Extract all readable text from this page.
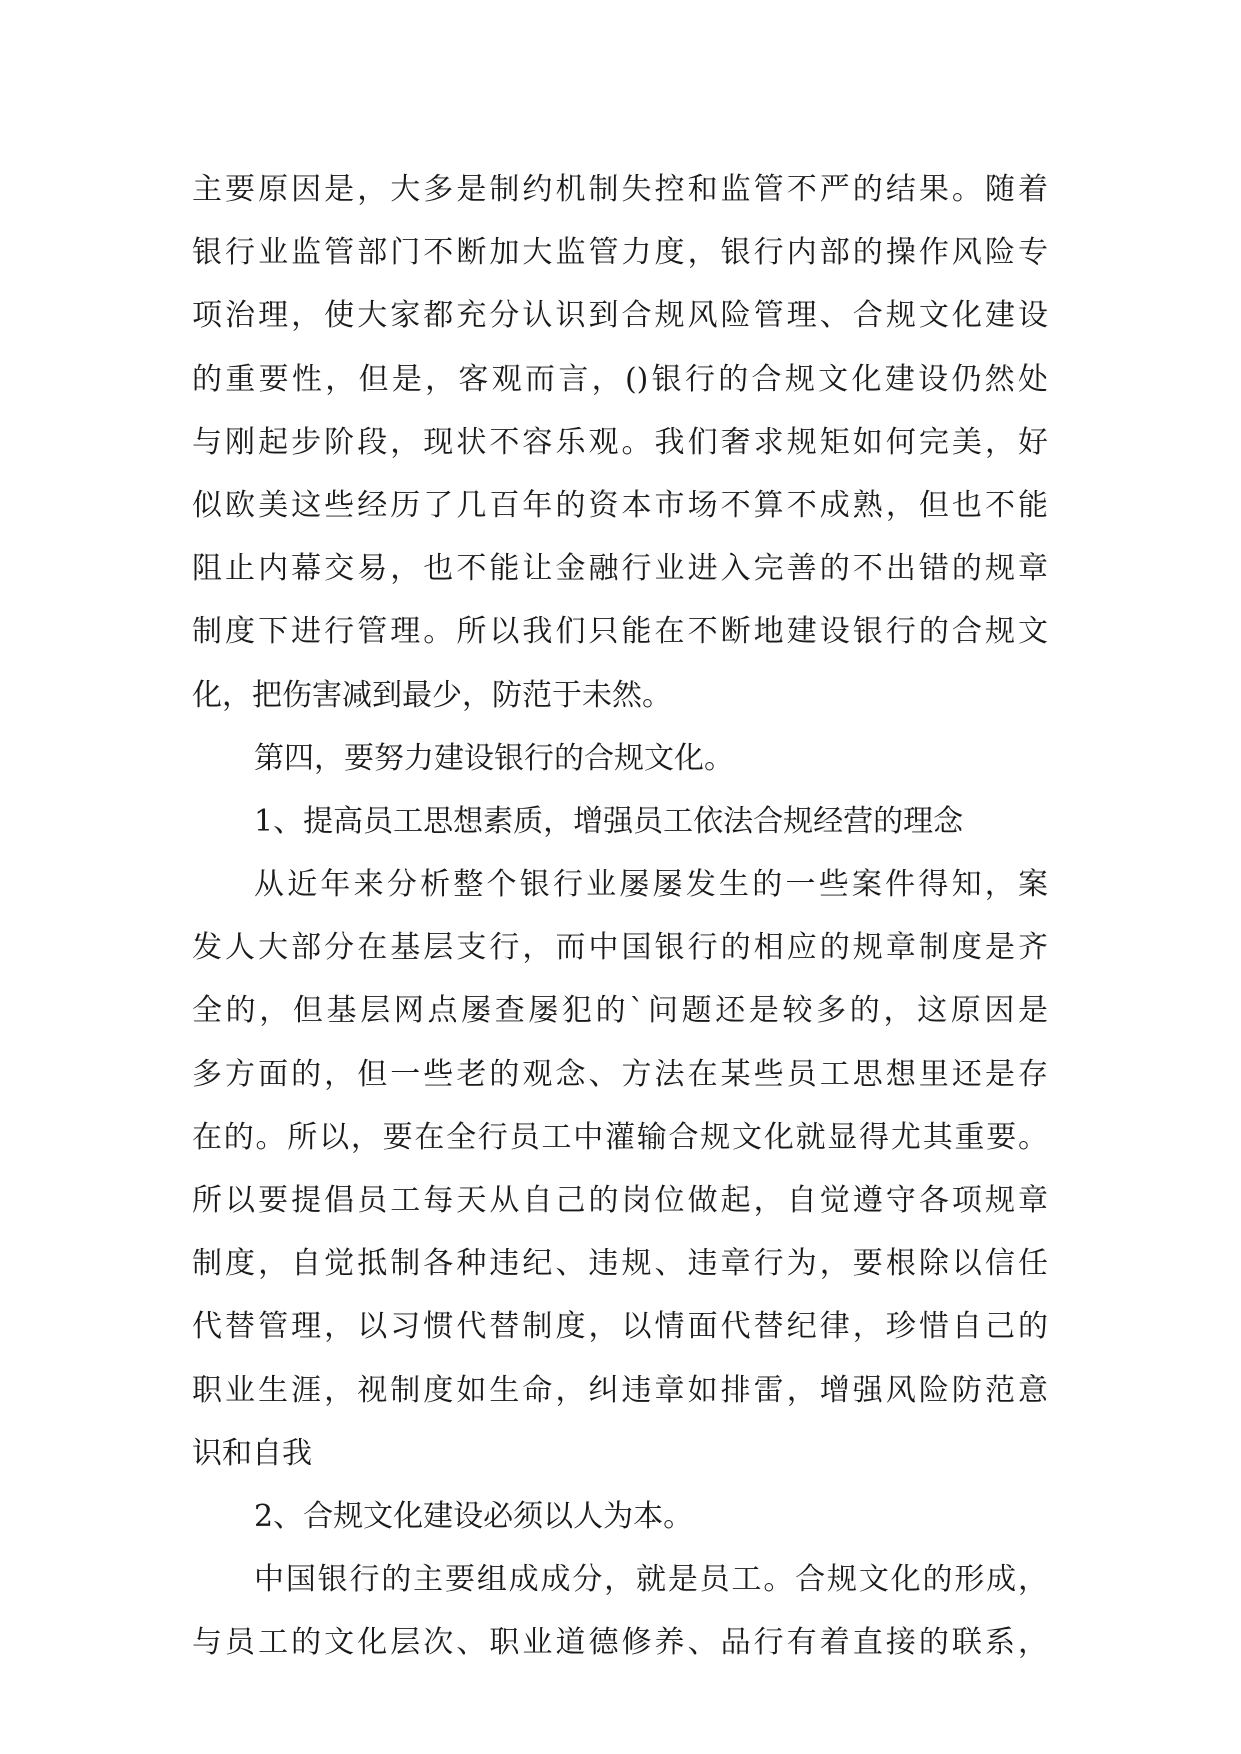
主要原因是，大多是制约机制失控和监管不严的结果。随着
银行业监管部门不断加大监管力度，银行内部的操作风险专
项治理，使大家都充分认识到合规风险管理、合规文化建设
的重要性，但是，客观而言，()银行的合规文化建设仍然处
与刚起步阶段，现状不容乐观。我们奢求规矩如何完美，好
似欧美这些经历了几百年的资本市场不算不成熟，但也不能
阻止内幕交易，也不能让金融行业进入完善的不出错的规章
制度下进行管理。所以我们只能在不断地建设银行的合规文
化，把伤害减到最少，防范于未然。
第四，要努力建设银行的合规文化。
1、提高员工思想素质，增强员工依法合规经营的理念
从近年来分析整个银行业屡屡发生的一些案件得知，案
发人大部分在基层支行，而中国银行的相应的规章制度是齐
全的，但基层网点屡查屡犯的`问题还是较多的，这原因是
多方面的，但一些老的观念、方法在某些员工思想里还是存
在的。所以，要在全行员工中灌输合规文化就显得尤其重要。
所以要提倡员工每天从自己的岗位做起，自觉遵守各项规章
制度，自觉抵制各种违纪、违规、违章行为，要根除以信任
代替管理，以习惯代替制度，以情面代替纪律，珍惜自己的
职业生涯，视制度如生命，纠违章如排雷，增强风险防范意
识和自我
2、合规文化建设必须以人为本。
中国银行的主要组成成分，就是员工。合规文化的形成，
与员工的文化层次、职业道德修养、品行有着直接的联系，
